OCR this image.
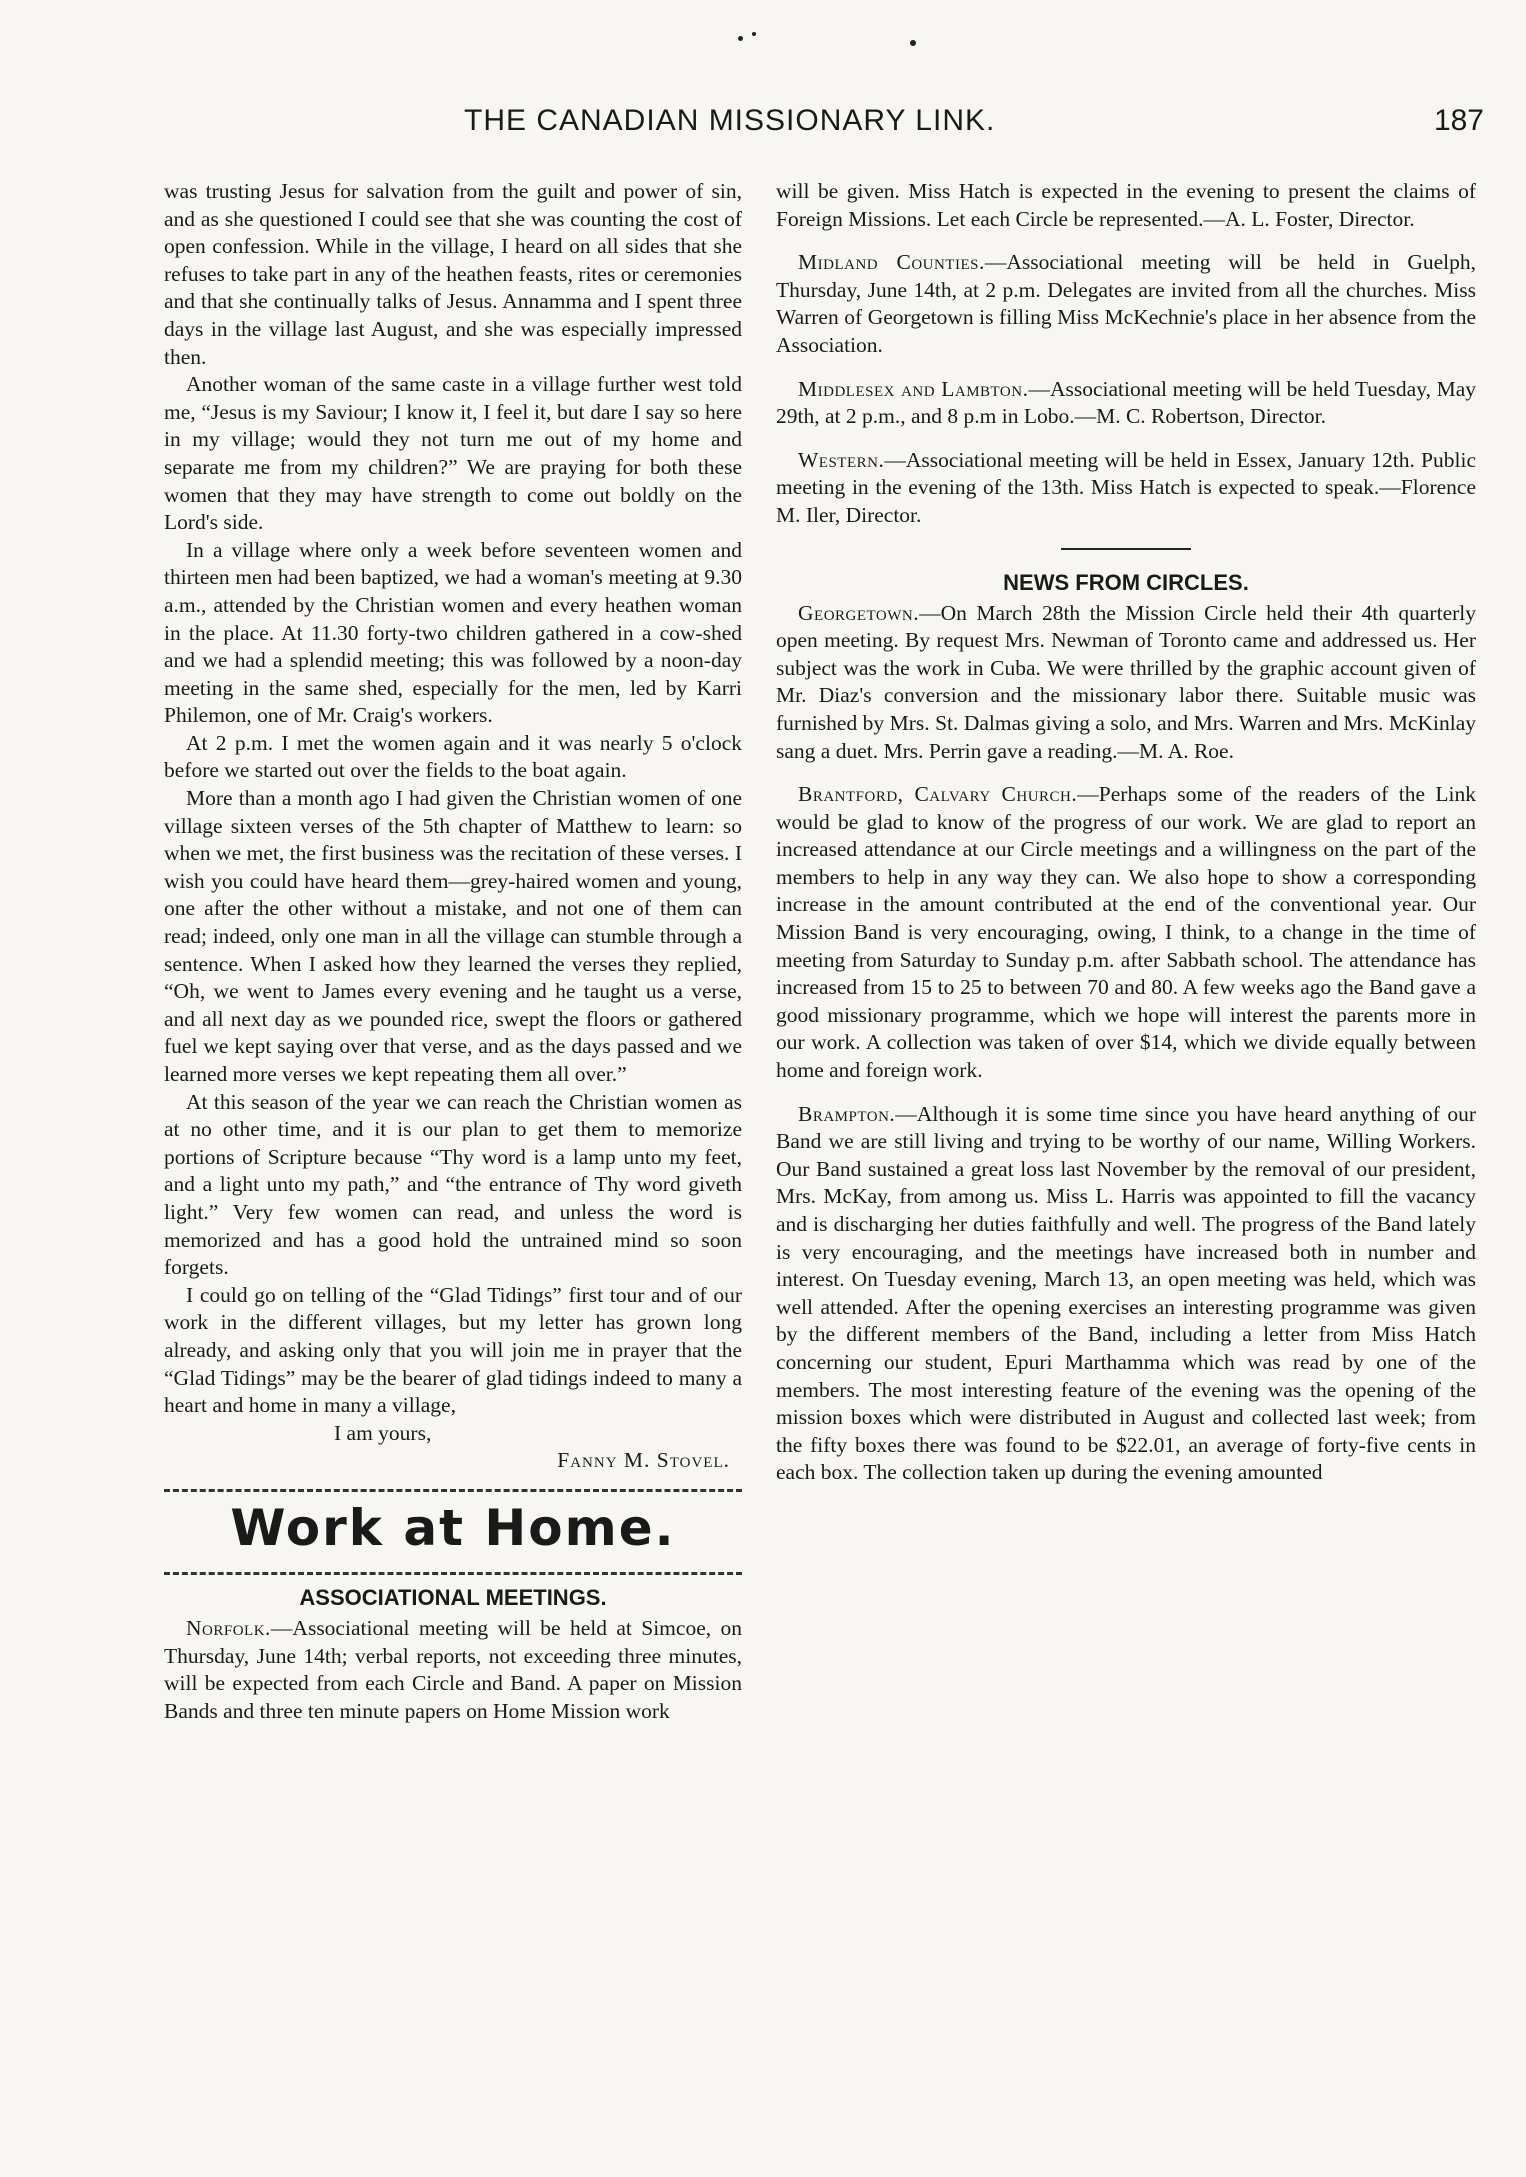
THE CANADIAN MISSIONARY LINK.	187

was trusting Jesus for salvation from the guilt and power of sin, and as she questioned I could see that she was counting the cost of open confession. While in the village, I heard on all sides that she refuses to take part in any of the heathen feasts, rites or ceremonies and that she continually talks of Jesus. Annamma and I spent three days in the village last August, and she was especially impressed then.

Another woman of the same caste in a village further west told me, “Jesus is my Saviour; I know it, I feel it, but dare I say so here in my village; would they not turn me out of my home and separate me from my children?” We are praying for both these women that they may have strength to come out boldly on the Lord's side.

In a village where only a week before seventeen women and thirteen men had been baptized, we had a woman's meeting at 9.30 a.m., attended by the Christian women and every heathen woman in the place. At 11.30 forty-two children gathered in a cow-shed and we had a splendid meeting; this was followed by a noon-day meeting in the same shed, especially for the men, led by Karri Philemon, one of Mr. Craig's workers.

At 2 p.m. I met the women again and it was nearly 5 o'clock before we started out over the fields to the boat again.

More than a month ago I had given the Christian women of one village sixteen verses of the 5th chapter of Matthew to learn: so when we met, the first business was the recitation of these verses. I wish you could have heard them—grey-haired women and young, one after the other without a mistake, and not one of them can read; indeed, only one man in all the village can stumble through a sentence. When I asked how they learned the verses they replied, “Oh, we went to James every evening and he taught us a verse, and all next day as we pounded rice, swept the floors or gathered fuel we kept saying over that verse, and as the days passed and we learned more verses we kept repeating them all over.”

At this season of the year we can reach the Christian women as at no other time, and it is our plan to get them to memorize portions of Scripture because “Thy word is a lamp unto my feet, and a light unto my path,” and “the entrance of Thy word giveth light.” Very few women can read, and unless the word is memorized and has a good hold the untrained mind so soon forgets.

I could go on telling of the “Glad Tidings” first tour and of our work in the different villages, but my letter has grown long already, and asking only that you will join me in prayer that the “Glad Tidings” may be the bearer of glad tidings indeed to many a heart and home in many a village,

I am yours,

Fanny M. Stovel.

Work at Home.
ASSOCIATIONAL MEETINGS.

Norfolk.—Associational meeting will be held at Simcoe, on Thursday, June 14th; verbal reports, not exceeding three minutes, will be expected from each Circle and Band. A paper on Mission Bands and three ten minute papers on Home Mission work

will be given. Miss Hatch is expected in the evening to present the claims of Foreign Missions. Let each Circle be represented.—A. L. Foster, Director.

Midland Counties.—Associational meeting will be held in Guelph, Thursday, June 14th, at 2 p.m. Delegates are invited from all the churches. Miss Warren of Georgetown is filling Miss McKechnie's place in her absence from the Association.

Middlesex and Lambton.—Associational meeting will be held Tuesday, May 29th, at 2 p.m., and 8 p.m in Lobo.—M. C. Robertson, Director.

Western.—Associational meeting will be held in Essex, January 12th. Public meeting in the evening of the 13th. Miss Hatch is expected to speak.—Florence M. Iler, Director.

NEWS FROM CIRCLES.

Georgetown.—On March 28th the Mission Circle held their 4th quarterly open meeting. By request Mrs. Newman of Toronto came and addressed us. Her subject was the work in Cuba. We were thrilled by the graphic account given of Mr. Diaz's conversion and the missionary labor there. Suitable music was furnished by Mrs. St. Dalmas giving a solo, and Mrs. Warren and Mrs. McKinlay sang a duet. Mrs. Perrin gave a reading.—M. A. Roe.

Brantford, Calvary Church.—Perhaps some of the readers of the Link would be glad to know of the progress of our work. We are glad to report an increased attendance at our Circle meetings and a willingness on the part of the members to help in any way they can. We also hope to show a corresponding increase in the amount contributed at the end of the conventional year. Our Mission Band is very encouraging, owing, I think, to a change in the time of meeting from Saturday to Sunday p.m. after Sabbath school. The attendance has increased from 15 to 25 to between 70 and 80. A few weeks ago the Band gave a good missionary programme, which we hope will interest the parents more in our work. A collection was taken of over $14, which we divide equally between home and foreign work.

Brampton.—Although it is some time since you have heard anything of our Band we are still living and trying to be worthy of our name, Willing Workers. Our Band sustained a great loss last November by the removal of our president, Mrs. McKay, from among us. Miss L. Harris was appointed to fill the vacancy and is discharging her duties faithfully and well. The progress of the Band lately is very encouraging, and the meetings have increased both in number and interest. On Tuesday evening, March 13, an open meeting was held, which was well attended. After the opening exercises an interesting programme was given by the different members of the Band, including a letter from Miss Hatch concerning our student, Epuri Marthamma which was read by one of the members. The most interesting feature of the evening was the opening of the mission boxes which were distributed in August and collected last week; from the fifty boxes there was found to be $22.01, an average of forty-five cents in each box. The collection taken up during the evening amounted
